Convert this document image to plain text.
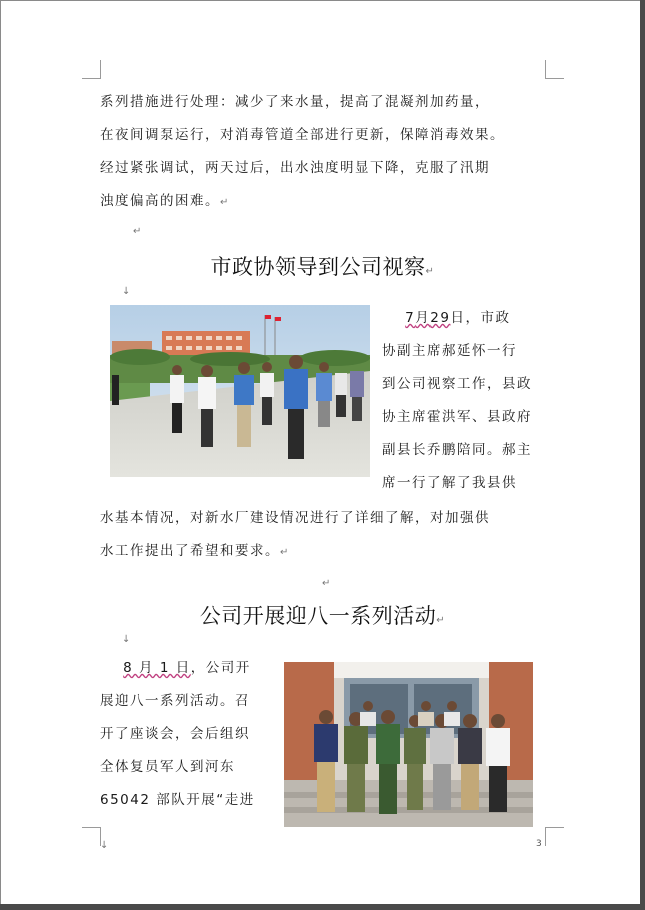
系列措施进行处理：减少了来水量，提高了混凝剂加药量，
在夜间调泵运行，对消毒管道全部进行更新，保障消毒效果。
经过紧张调试，两天过后，出水浊度明显下降，克服了汛期
浊度偏高的困难。↵
↵
市政协领导到公司视察↵
↓
7月29日，市政
协副主席郝延怀一行
到公司视察工作，县政
协主席霍洪军、县政府
副县长乔鹏陪同。郝主
席一行了解了我县供
水基本情况，对新水厂建设情况进行了详细了解，对加强供
水工作提出了希望和要求。↵
↵
公司开展迎八一系列活动↵
↓
8 月 1 日，公司开
展迎八一系列活动。召
开了座谈会，会后组织
全体复员军人到河东
65042 部队开展“走进
↓	3
